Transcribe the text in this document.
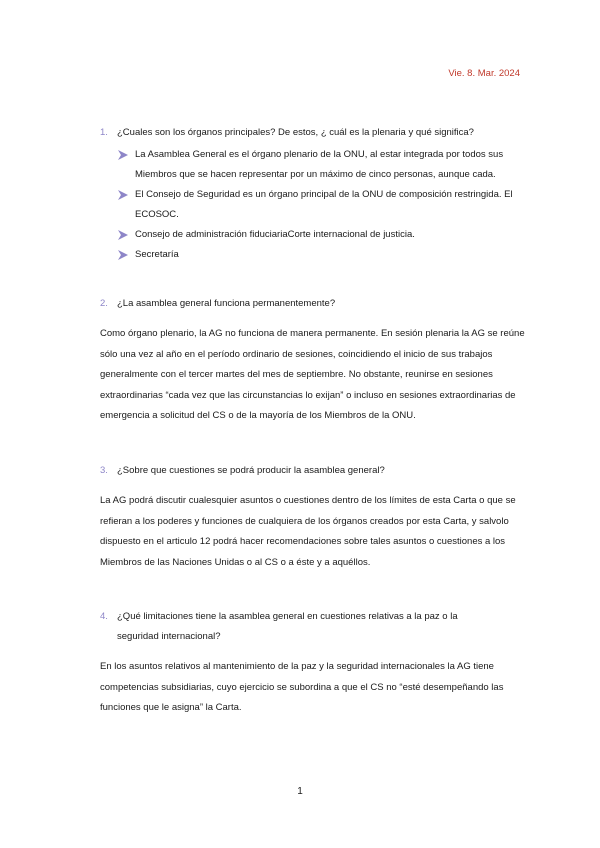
Vie. 8. Mar. 2024
1. ¿Cuales son los órganos principales? De estos, ¿ cuál es la plenaria y qué significa?
La Asamblea General es el órgano plenario de la ONU, al estar integrada por todos sus Miembros que se hacen representar por un máximo de cinco personas, aunque cada.
El Consejo de Seguridad es un órgano principal de la ONU de composición restringida. El ECOSOC.
Consejo de administración fiduciariaCorte internacional de justicia.
Secretaría
2. ¿La asamblea general funciona permanentemente?

Como órgano plenario, la AG no funciona de manera permanente. En sesión plenaria la AG se reúne sólo una vez al año en el período ordinario de sesiones, coincidiendo el inicio de sus trabajos generalmente con el tercer martes del mes de septiembre. No obstante, reunirse en sesiones extraordinarias “cada vez que las circunstancias lo exijan” o incluso en sesiones extraordinarias de emergencia a solicitud del CS o de la mayoría de los Miembros de la ONU.

3. ¿Sobre que cuestiones se podrá producir la asamblea general?

La AG podrá discutir cualesquier asuntos o cuestiones dentro de los límites de esta Carta o que se refieran a los poderes y funciones de cualquiera de los órganos creados por esta Carta, y salvolo dispuesto en el articulo 12 podrá hacer recomendaciones sobre tales asuntos o cuestiones a los Miembros de las Naciones Unidas o al CS o a éste y a aquéllos.

4. ¿Qué limitaciones tiene la asamblea general en cuestiones relativas a la paz o la
seguridad internacional?

En los asuntos relativos al mantenimiento de la paz y la seguridad internacionales la AG tiene competencias subsidiarias, cuyo ejercicio se subordina a que el CS no “esté desempeñando las funciones que le asigna” la Carta.

1
